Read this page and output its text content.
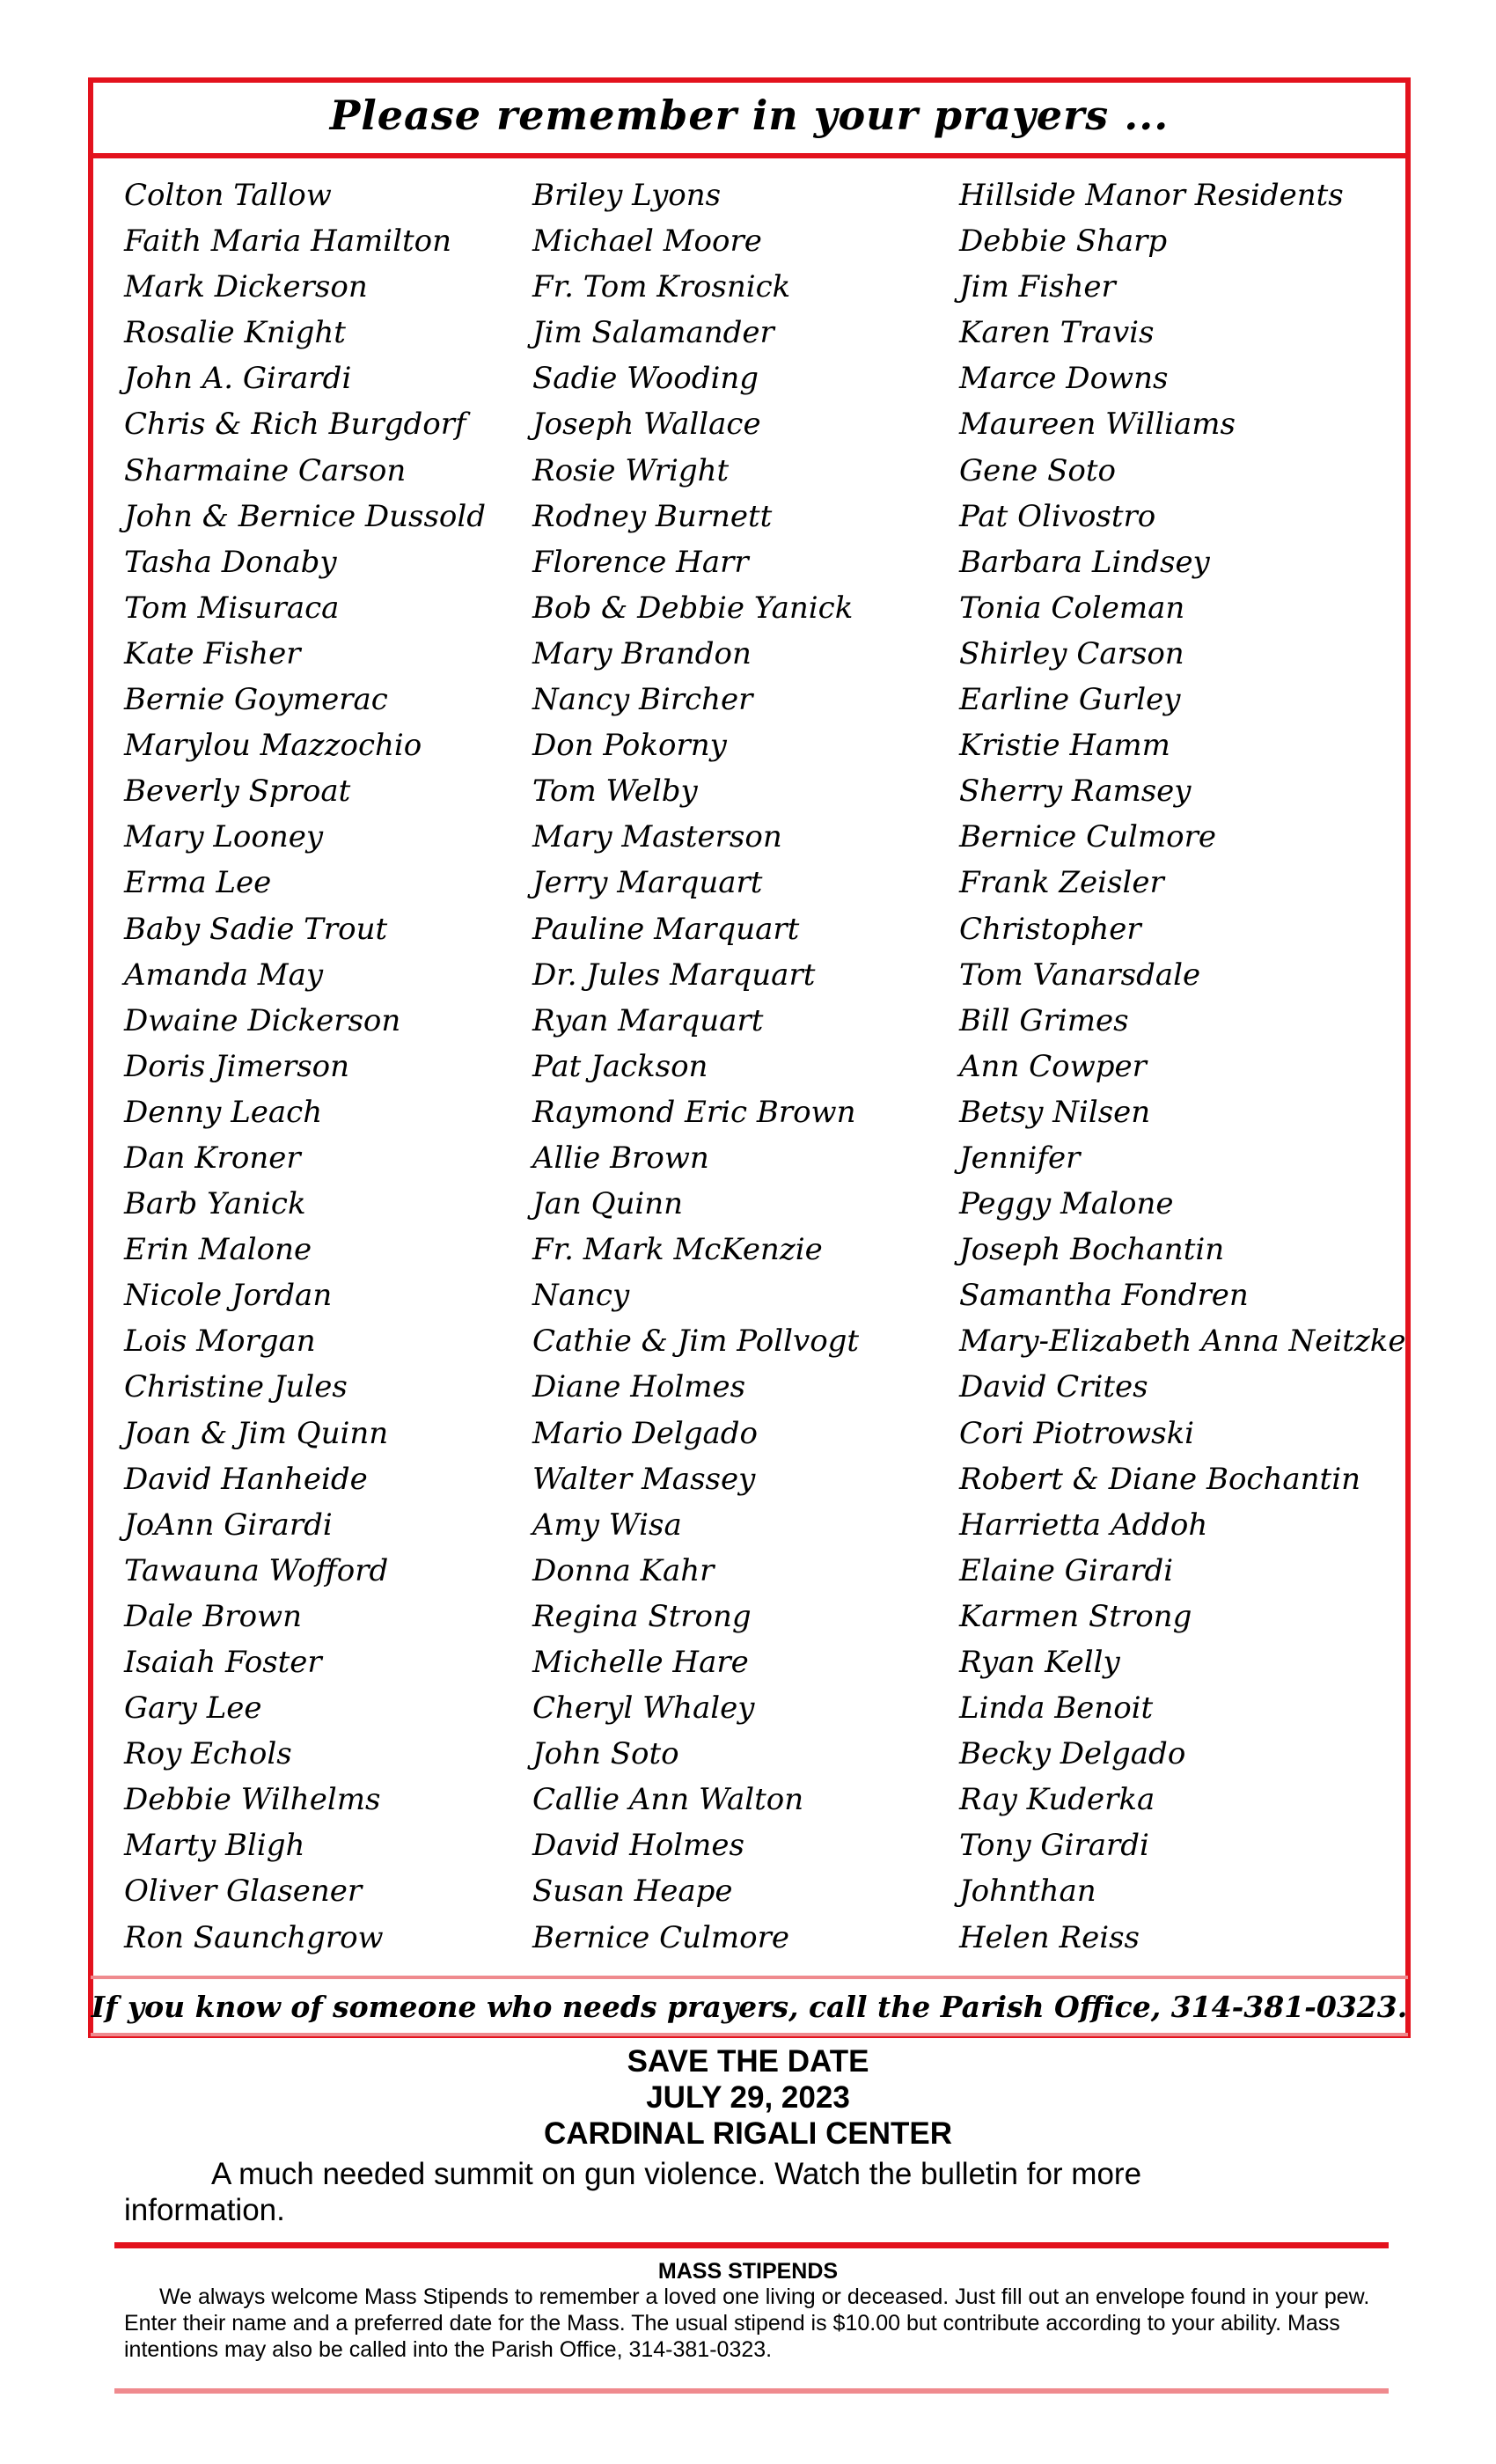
Please remember in your prayers ...
Colton Tallow
Faith Maria Hamilton
Mark Dickerson
Rosalie Knight
John A. Girardi
Chris & Rich Burgdorf
Sharmaine Carson
John & Bernice Dussold
Tasha Donaby
Tom Misuraca
Kate Fisher
Bernie Goymerac
Marylou Mazzochio
Beverly Sproat
Mary Looney
Erma Lee
Baby Sadie Trout
Amanda May
Dwaine Dickerson
Doris Jimerson
Denny Leach
Dan Kroner
Barb Yanick
Erin Malone
Nicole Jordan
Lois Morgan
Christine Jules
Joan & Jim Quinn
David Hanheide
JoAnn Girardi
Tawauna Wofford
Dale Brown
Isaiah Foster
Gary Lee
Roy Echols
Debbie Wilhelms
Marty Bligh
Oliver Glasener
Ron Saunchgrow
Briley Lyons
Michael Moore
Fr. Tom Krosnick
Jim Salamander
Sadie Wooding
Joseph Wallace
Rosie Wright
Rodney Burnett
Florence Harr
Bob & Debbie Yanick
Mary Brandon
Nancy Bircher
Don Pokorny
Tom Welby
Mary Masterson
Jerry Marquart
Pauline Marquart
Dr. Jules Marquart
Ryan Marquart
Pat Jackson
Raymond Eric Brown
Allie Brown
Jan Quinn
Fr. Mark McKenzie
Nancy
Cathie & Jim Pollvogt
Diane Holmes
Mario Delgado
Walter Massey
Amy Wisa
Donna Kahr
Regina Strong
Michelle Hare
Cheryl Whaley
John Soto
Callie Ann Walton
David Holmes
Susan Heape
Bernice Culmore
Hillside Manor Residents
Debbie Sharp
Jim Fisher
Karen Travis
Marce Downs
Maureen Williams
Gene Soto
Pat Olivostro
Barbara Lindsey
Tonia Coleman
Shirley Carson
Earline Gurley
Kristie Hamm
Sherry Ramsey
Bernice Culmore
Frank Zeisler
Christopher
Tom Vanarsdale
Bill Grimes
Ann Cowper
Betsy Nilsen
Jennifer
Peggy Malone
Joseph Bochantin
Samantha Fondren
Mary-Elizabeth Anna Neitzke
David Crites
Cori Piotrowski
Robert & Diane Bochantin
Harrietta Addoh
Elaine Girardi
Karmen Strong
Ryan Kelly
Linda Benoit
Becky Delgado
Ray Kuderka
Tony Girardi
Johnthan
Helen Reiss
If you know of someone who needs prayers, call the Parish Office, 314-381-0323.
SAVE THE DATE
JULY 29, 2023
CARDINAL RIGALI CENTER
A much needed summit on gun violence. Watch the bulletin for more information.
MASS STIPENDS
We always welcome Mass Stipends to remember a loved one living or deceased. Just fill out an envelope found in your pew. Enter their name and a preferred date for the Mass. The usual stipend is $10.00 but contribute according to your ability. Mass intentions may also be called into the Parish Office, 314-381-0323.
